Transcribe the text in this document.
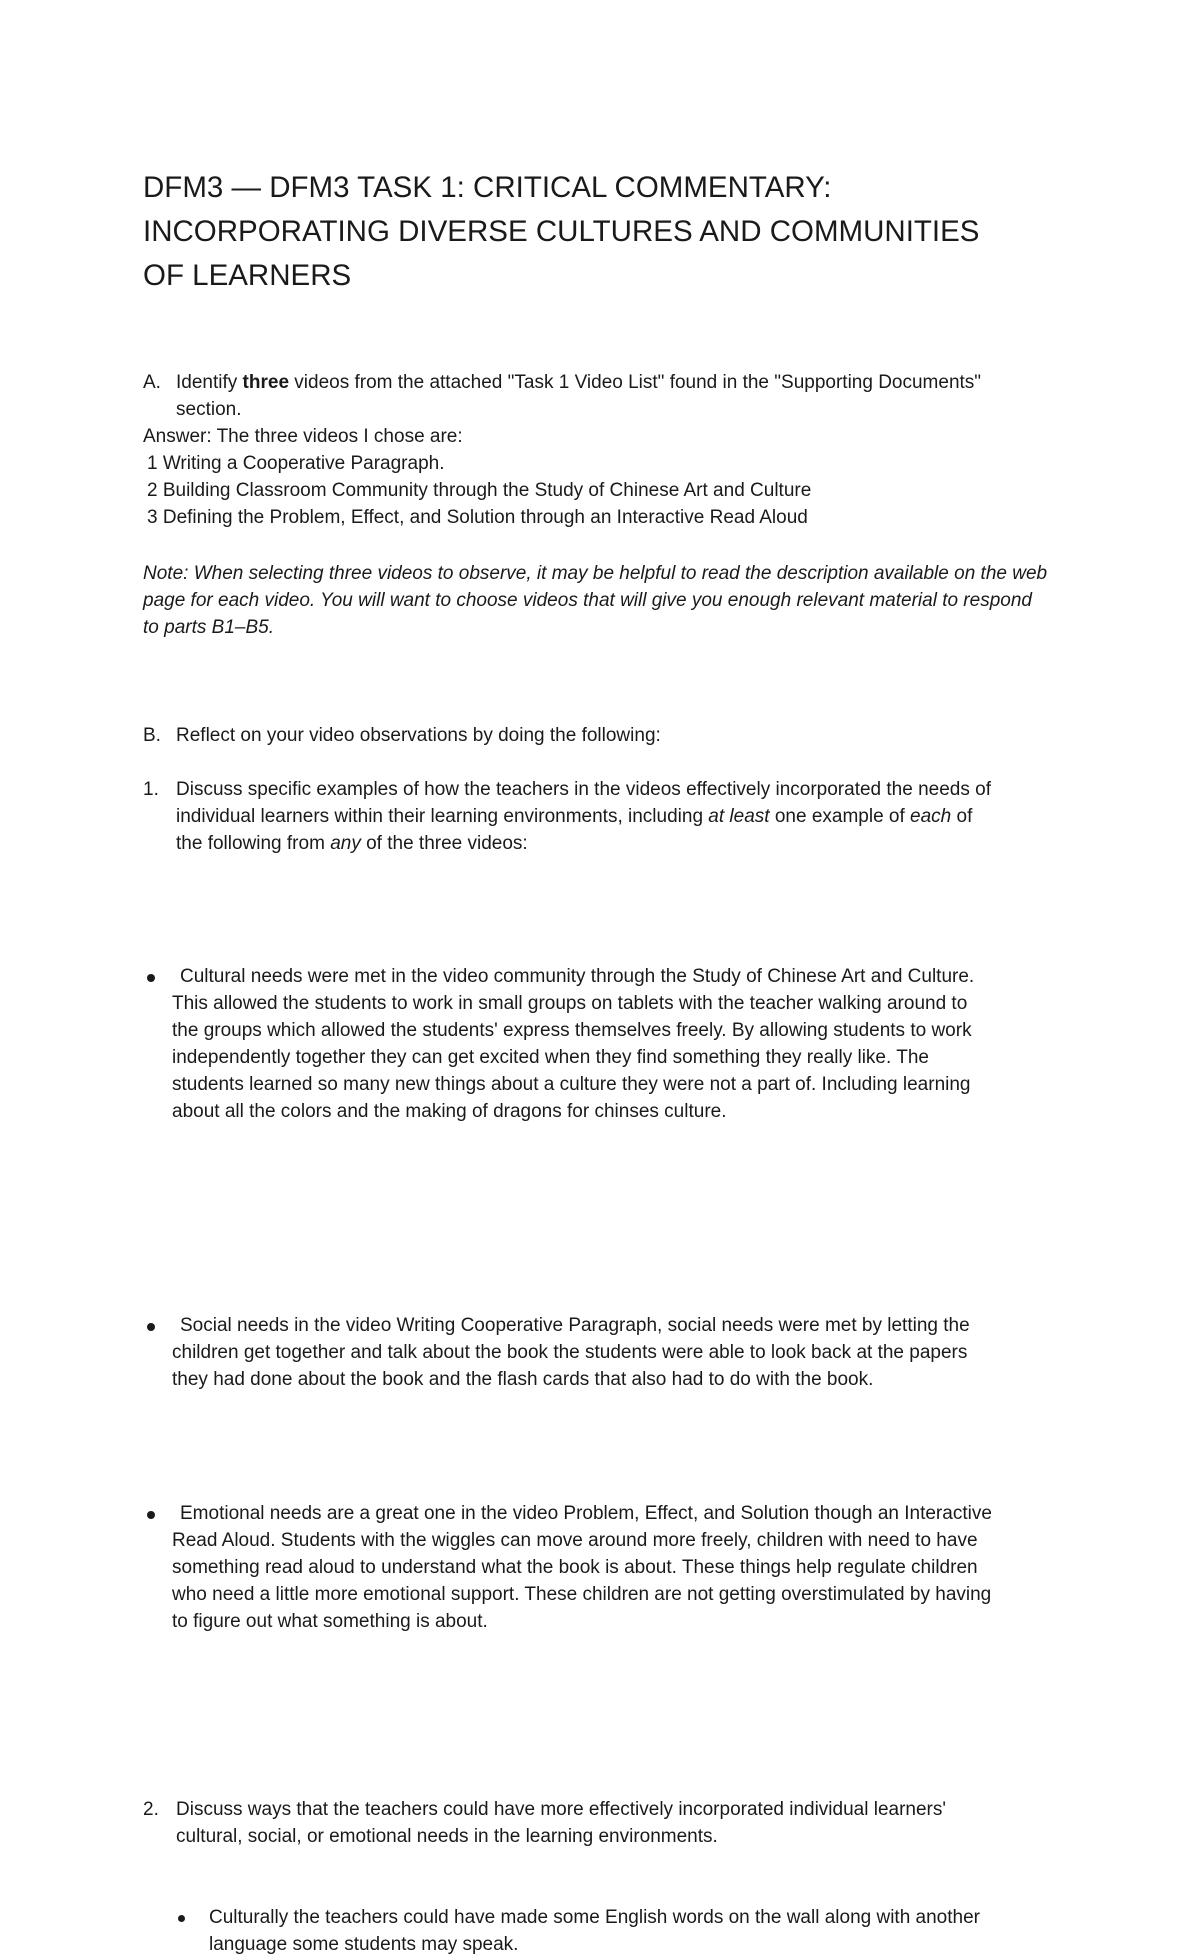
DFM3 — DFM3 TASK 1: CRITICAL COMMENTARY:
INCORPORATING DIVERSE CULTURES AND COMMUNITIES
OF LEARNERS
A. Identify three videos from the attached "Task 1 Video List" found in the "Supporting Documents"
section.
Answer: The three videos I chose are:
1 Writing a Cooperative Paragraph.
2 Building Classroom Community through the Study of Chinese Art and Culture
3 Defining the Problem, Effect, and Solution through an Interactive Read Aloud
Note: When selecting three videos to observe, it may be helpful to read the description available on the web
page for each video. You will want to choose videos that will give you enough relevant material to respond
to parts B1–B5.
B. Reflect on your video observations by doing the following:
1. Discuss specific examples of how the teachers in the videos effectively incorporated the needs of
individual learners within their learning environments, including at least one example of each of
the following from any of the three videos:
Cultural needs were met in the video community through the Study of Chinese Art and Culture.
This allowed the students to work in small groups on tablets with the teacher walking around to
the groups which allowed the students' express themselves freely. By allowing students to work
independently together they can get excited when they find something they really like. The
students learned so many new things about a culture they were not a part of. Including learning
about all the colors and the making of dragons for chinses culture.
Social needs in the video Writing Cooperative Paragraph, social needs were met by letting the
children get together and talk about the book the students were able to look back at the papers
they had done about the book and the flash cards that also had to do with the book.
Emotional needs are a great one in the video Problem, Effect, and Solution though an Interactive
Read Aloud. Students with the wiggles can move around more freely, children with need to have
something read aloud to understand what the book is about. These things help regulate children
who need a little more emotional support. These children are not getting overstimulated by having
to figure out what something is about.
2. Discuss ways that the teachers could have more effectively incorporated individual learners'
cultural, social, or emotional needs in the learning environments.
Culturally the teachers could have made some English words on the wall along with another
language some students may speak.
